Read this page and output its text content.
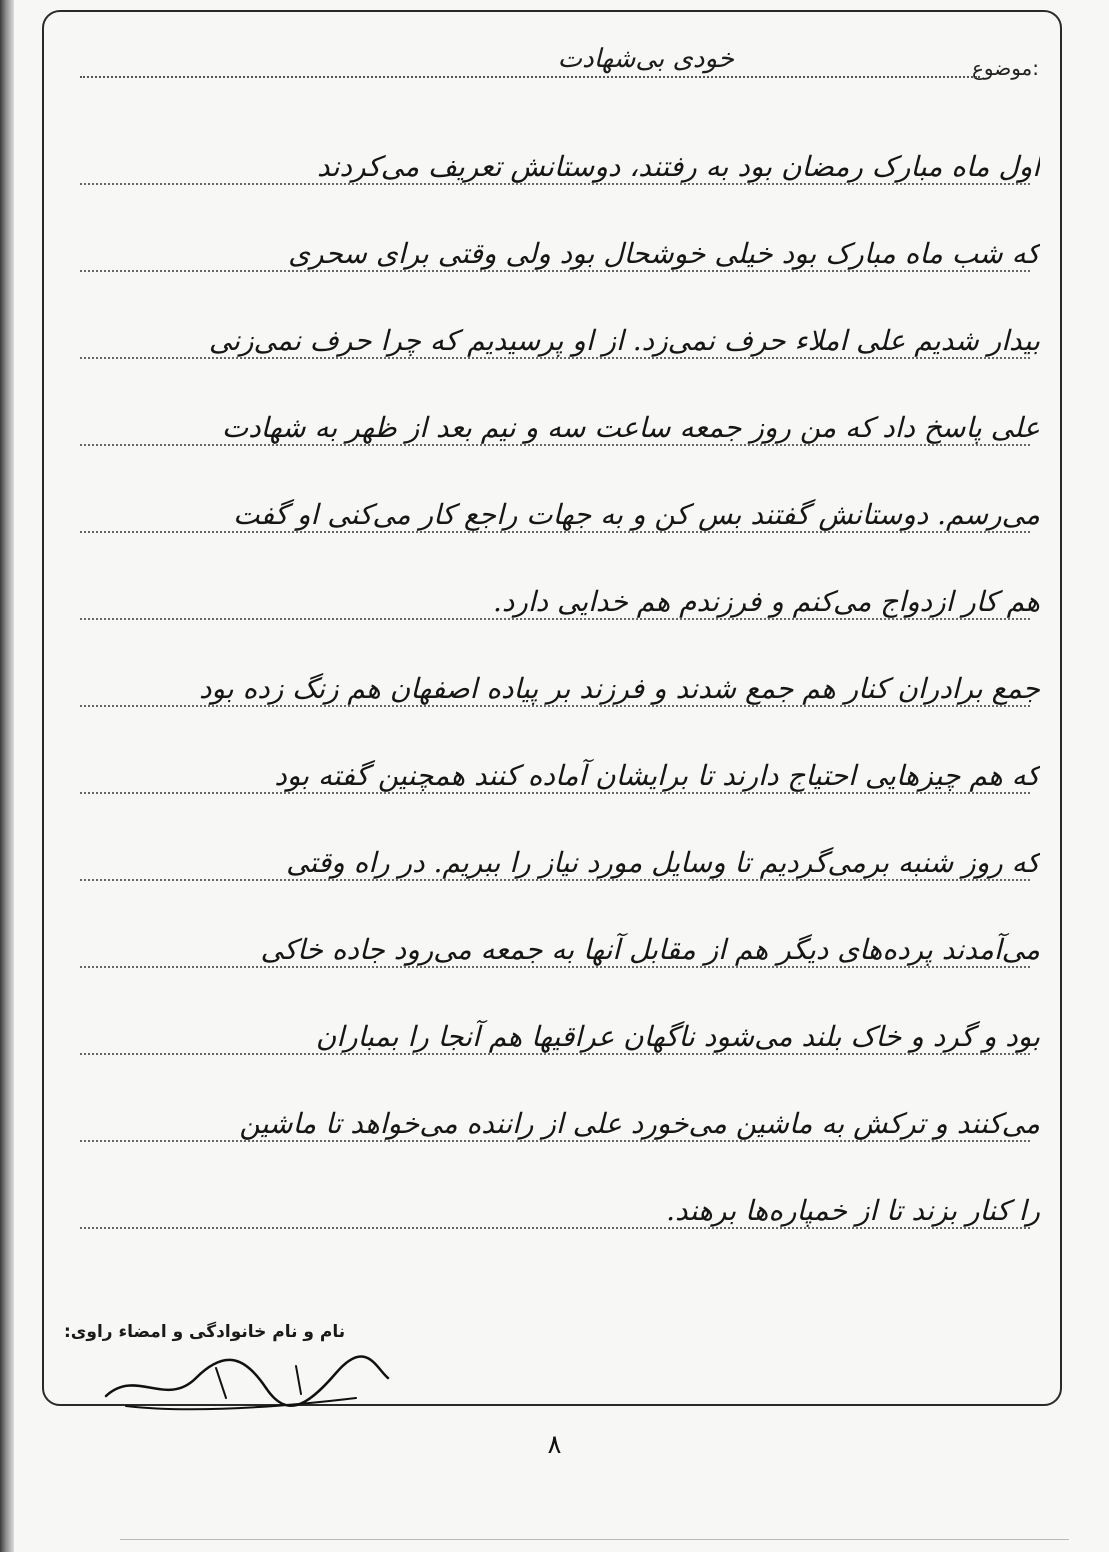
ﻣﻮﺿﻮع:
خودی بی‌شهادت
اول ماه مبارک رمضان بود به رفتند، دوستانش تعریف می‌کردند
که شب ماه مبارک بود خیلی خوشحال بود ولی وقتی برای سحری
بیدار شدیم علی املاء حرف نمی‌زد. از او پرسیدیم که چرا حرف نمی‌زنی
علی پاسخ داد که من روز جمعه ساعت سه و نیم بعد از ظهر به شهادت
می‌رسم. دوستانش گفتند بس کن و به جهات راجع کار می‌کنی او گفت
هم کار ازدواج می‌کنم و فرزندم هم خدایی دارد.
جمع برادران کنار هم جمع شدند و فرزند بر پیاده اصفهان هم زنگ زده بود
که هم چیزهایی احتیاج دارند تا برایشان آماده کنند همچنین گفته بود
که روز شنبه برمی‌گردیم تا وسایل مورد نیاز را ببریم. در راه وقتی
می‌آمدند پرده‌های دیگر هم از مقابل آنها به جمعه می‌رود جاده خاکی
بود و گرد و خاک بلند می‌شود ناگهان عراقیها هم آنجا را بمباران
می‌کنند و ترکش به ماشین می‌خورد علی از راننده می‌خواهد تا ماشین
را کنار بزند تا از خمپاره‌ها برهند.
نام و نام خانوادگی و امضاء راوی:
۸
